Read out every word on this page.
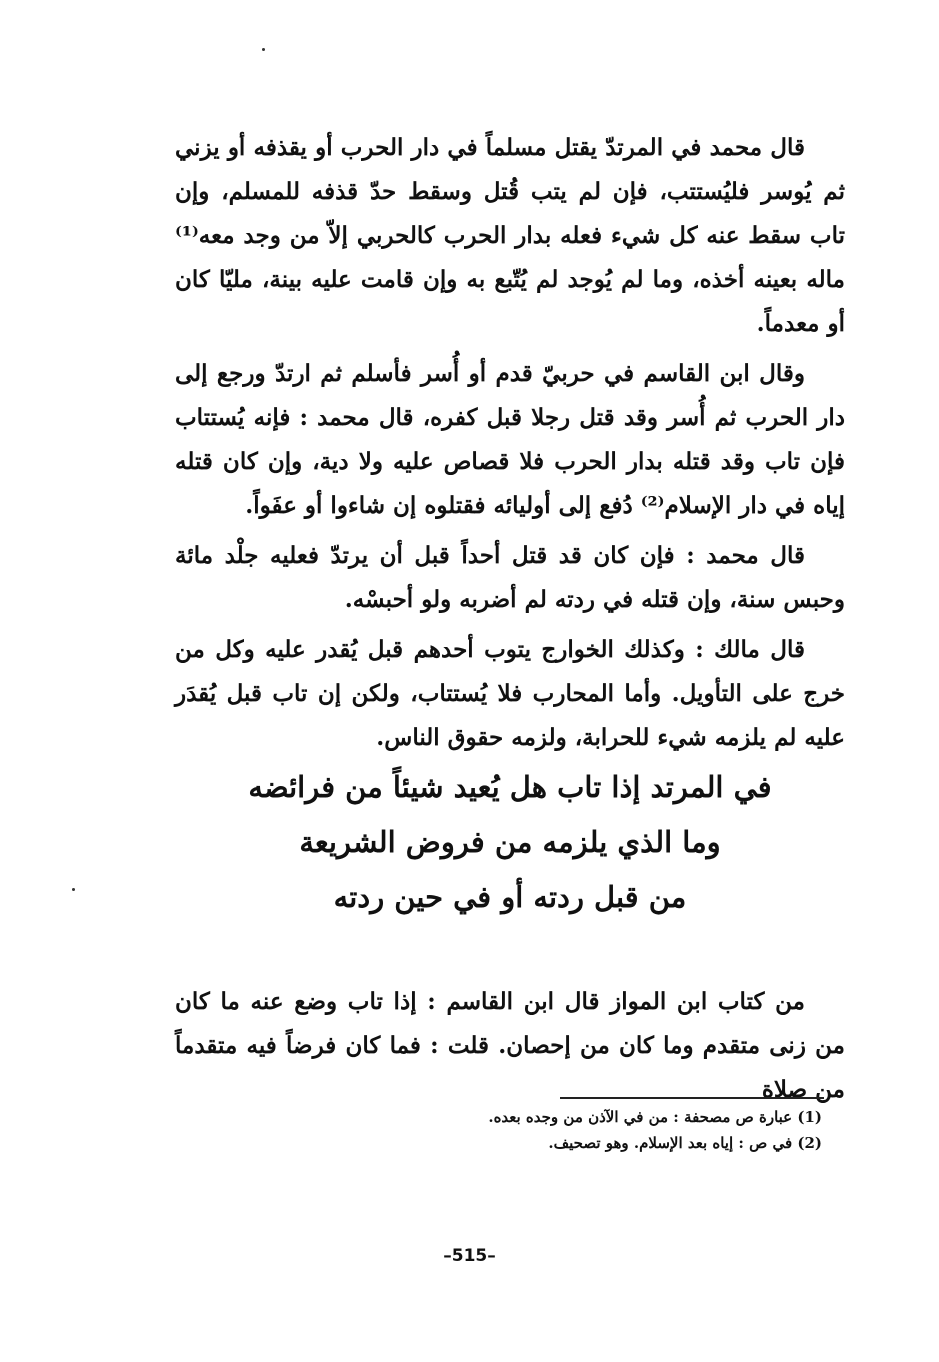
قال محمد في المرتدّ يقتل مسلماً في دار الحرب أو يقذفه أو يزني ثم يُوسر فليُستتب، فإن لم يتب قُتل وسقط حدّ قذفه للمسلم، وإن تاب سقط عنه كل شيء فعله بدار الحرب كالحربي إلاّ من وجد معه⁽¹⁾ ماله بعينه أخذه، وما لم يُوجد لم يُتّبع به وإن قامت عليه بينة، مليّا كان أو معدماً.

وقال ابن القاسم في حربيّ قدم أو أُسر فأسلم ثم ارتدّ ورجع إلى دار الحرب ثم أُسر وقد قتل رجلا قبل كفره، قال محمد : فإنه يُستتاب فإن تاب وقد قتله بدار الحرب فلا قصاص عليه ولا دية، وإن كان قتله إياه في دار الإسلام⁽²⁾ دُفع إلى أوليائه فقتلوه إن شاءوا أو عفَواً.

قال محمد : فإن كان قد قتل أحداً قبل أن يرتدّ فعليه جلْد مائة وحبس سنة، وإن قتله في ردته لم أضربه ولو أحبسْه.

قال مالك : وكذلك الخوارج يتوب أحدهم قبل يُقدر عليه وكل من خرج على التأويل. وأما المحارب فلا يُستتاب، ولكن إن تاب قبل يُقدَر عليه لم يلزمه شيء للحرابة، ولزمه حقوق الناس.

في المرتد إذا تاب هل يُعيد شيئاً من فرائضه
وما الذي يلزمه من فروض الشريعة
من قبل ردته أو في حين ردته

من كتاب ابن المواز قال ابن القاسم : إذا تاب وضع عنه ما كان من زنى متقدم وما كان من إحصان. قلت : فما كان فرضاً فيه متقدماً من صلاة

(1) عبارة ص مصحفة : من في الآذن من وجده بعده.
(2) في ص : إياه بعد الإسلام. وهو تصحيف.
–515–
